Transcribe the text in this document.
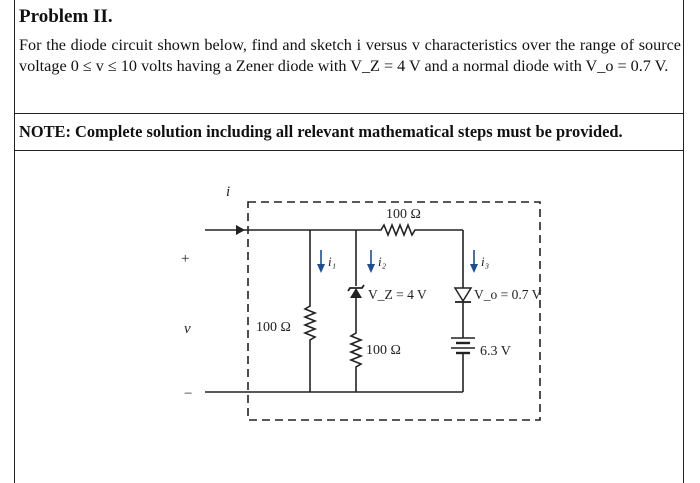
Problem II.
For the diode circuit shown below, find and sketch i versus v characteristics over the range of source voltage 0 ≤ v ≤ 10 volts having a Zener diode with V_Z = 4 V and a normal diode with V_o = 0.7 V.
NOTE: Complete solution including all relevant mathematical steps must be provided.
+
v
−
i
i₁	i₂	i₃
100 Ω
100 Ω
100 Ω
V_Z = 4 V	V_o = 0.7 V
6.3 V
